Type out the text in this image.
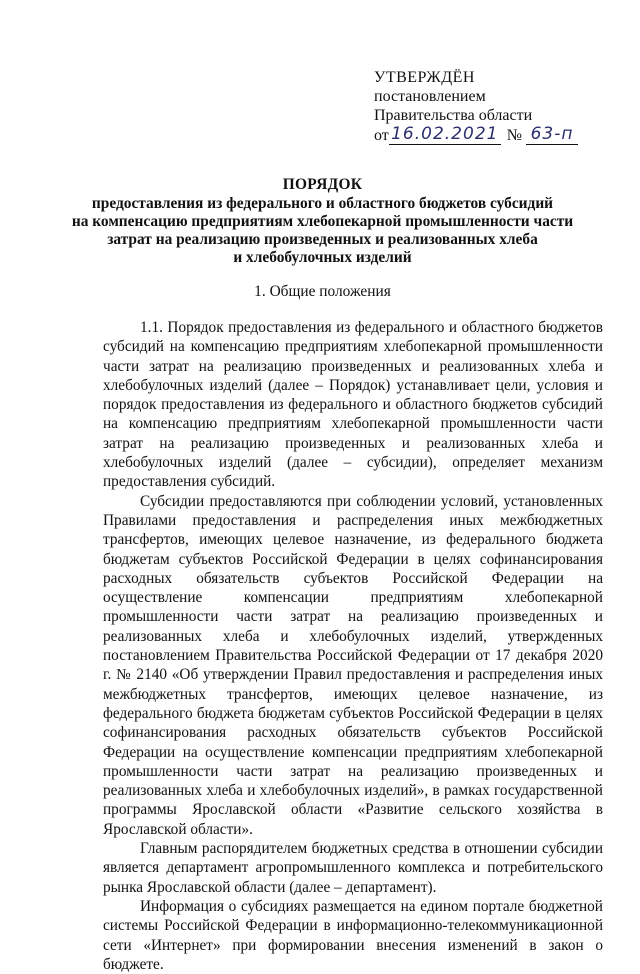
УТВЕРЖДЁН
постановлением
Правительства области
от 16.02.2021 № 63-п
ПОРЯДОК
предоставления из федерального и областного бюджетов субсидий
на компенсацию предприятиям хлебопекарной промышленности части
затрат на реализацию произведенных и реализованных хлеба
и хлебобулочных изделий
1. Общие положения

1.1. Порядок предоставления из федерального и областного бюджетов субсидий на компенсацию предприятиям хлебопекарной промышленности части затрат на реализацию произведенных и реализованных хлеба и хлебобулочных изделий (далее – Порядок) устанавливает цели, условия и порядок предоставления из федерального и областного бюджетов субсидий на компенсацию предприятиям хлебопекарной промышленности части затрат на реализацию произведенных и реализованных хлеба и хлебобулочных изделий (далее – субсидии), определяет механизм предоставления субсидий.

Субсидии предоставляются при соблюдении условий, установленных Правилами предоставления и распределения иных межбюджетных трансфертов, имеющих целевое назначение, из федерального бюджета бюджетам субъектов Российской Федерации в целях софинансирования расходных обязательств субъектов Российской Федерации на осуществление компенсации предприятиям хлебопекарной промышленности части затрат на реализацию произведенных и реализованных хлеба и хлебобулочных изделий, утвержденных постановлением Правительства Российской Федерации от 17 декабря 2020 г. № 2140 «Об утверждении Правил предоставления и распределения иных межбюджетных трансфертов, имеющих целевое назначение, из федерального бюджета бюджетам субъектов Российской Федерации в целях софинансирования расходных обязательств субъектов Российской Федерации на осуществление компенсации предприятиям хлебопекарной промышленности части затрат на реализацию произведенных и реализованных хлеба и хлебобулочных изделий», в рамках государственной программы Ярославской области «Развитие сельского хозяйства в Ярославской области».

Главным распорядителем бюджетных средства в отношении субсидии является департамент агропромышленного комплекса и потребительского рынка Ярославской области (далее – департамент).

Информация о субсидиях размещается на едином портале бюджетной системы Российской Федерации в информационно-телекоммуникационной сети «Интернет» при формировании внесения изменений в закон о бюджете.
